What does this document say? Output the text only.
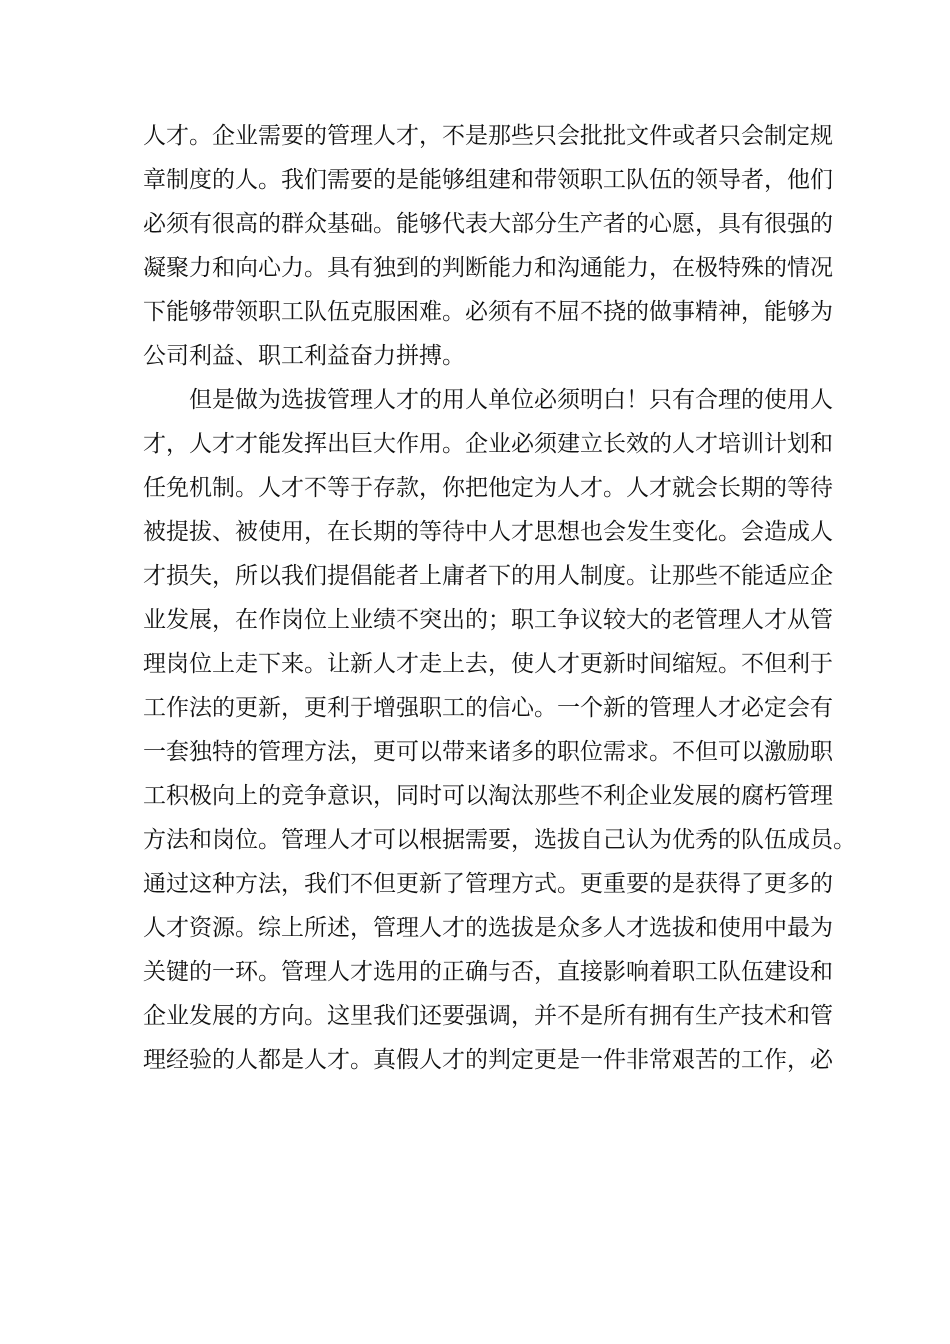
人才。企业需要的管理人才，不是那些只会批批文件或者只会制定规
章制度的人。我们需要的是能够组建和带领职工队伍的领导者，他们
必须有很高的群众基础。能够代表大部分生产者的心愿，具有很强的
凝聚力和向心力。具有独到的判断能力和沟通能力，在极特殊的情况
下能够带领职工队伍克服困难。必须有不屈不挠的做事精神，能够为
公司利益、职工利益奋力拼搏。
但是做为选拔管理人才的用人单位必须明白！只有合理的使用人
才，人才才能发挥出巨大作用。企业必须建立长效的人才培训计划和
任免机制。人才不等于存款，你把他定为人才。人才就会长期的等待
被提拔、被使用，在长期的等待中人才思想也会发生变化。会造成人
才损失，所以我们提倡能者上庸者下的用人制度。让那些不能适应企
业发展，在作岗位上业绩不突出的；职工争议较大的老管理人才从管
理岗位上走下来。让新人才走上去，使人才更新时间缩短。不但利于
工作法的更新，更利于增强职工的信心。一个新的管理人才必定会有
一套独特的管理方法，更可以带来诸多的职位需求。不但可以激励职
工积极向上的竞争意识，同时可以淘汰那些不利企业发展的腐朽管理
方法和岗位。管理人才可以根据需要，选拔自己认为优秀的队伍成员。
通过这种方法，我们不但更新了管理方式。更重要的是获得了更多的
人才资源。综上所述，管理人才的选拔是众多人才选拔和使用中最为
关键的一环。管理人才选用的正确与否，直接影响着职工队伍建设和
企业发展的方向。这里我们还要强调，并不是所有拥有生产技术和管
理经验的人都是人才。真假人才的判定更是一件非常艰苦的工作，必
